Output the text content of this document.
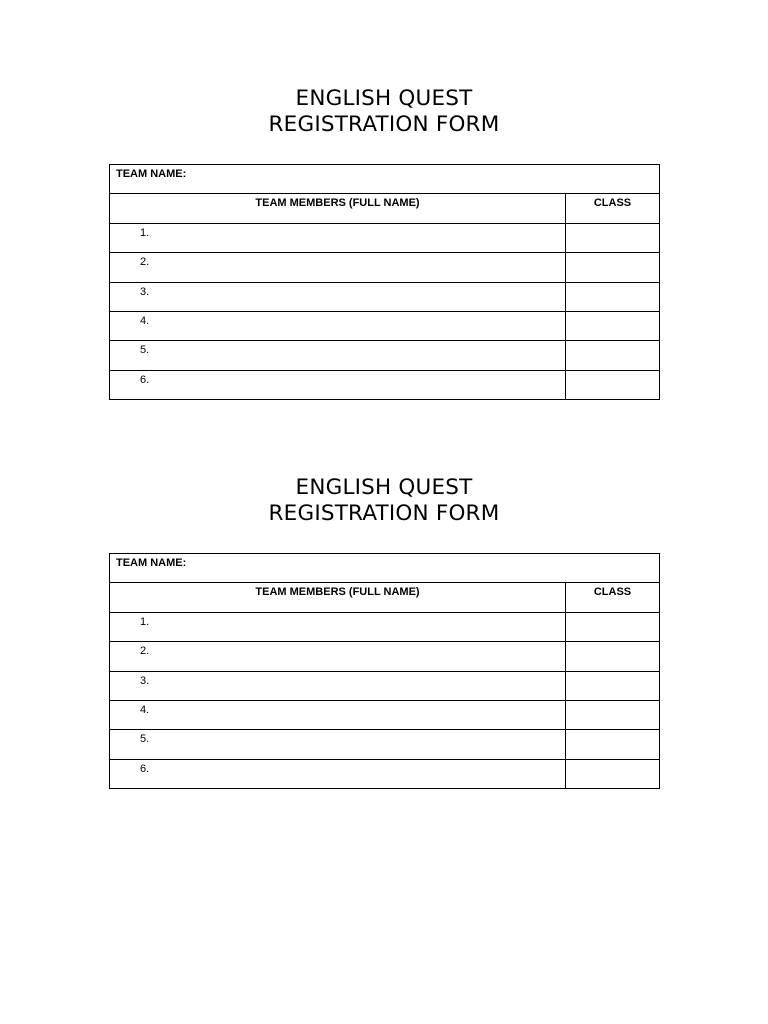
ENGLISH QUEST
REGISTRATION FORM

TEAM NAME:	
TEAM MEMBERS (FULL NAME)	CLASS
1.	
2.	
3.	
4.	
5.	
6.	

ENGLISH QUEST
REGISTRATION FORM

TEAM NAME:	
TEAM MEMBERS (FULL NAME)	CLASS
1.	
2.	
3.	
4.	
5.	
6.	
